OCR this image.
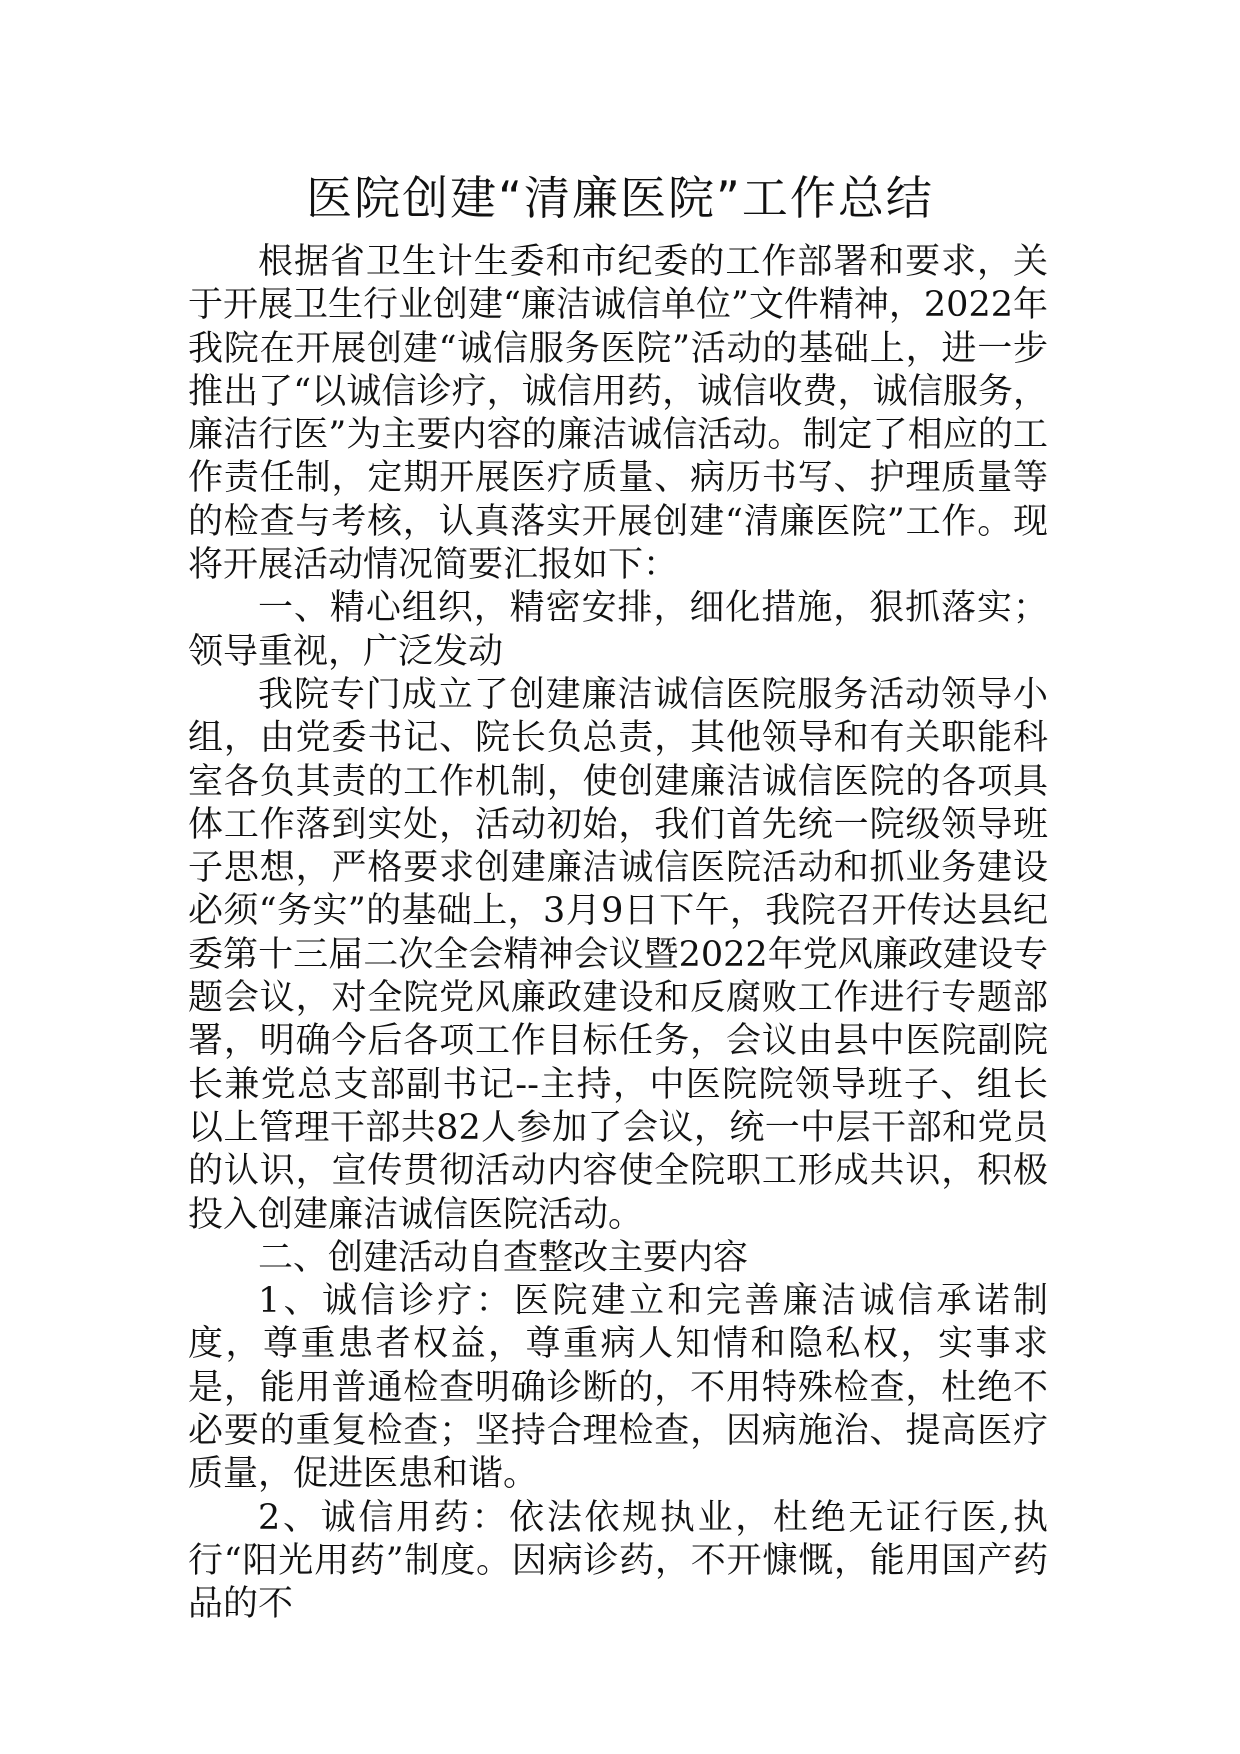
医院创建“清廉医院”工作总结

根据省卫生计生委和市纪委的工作部署和要求，关于开展卫生行业创建“廉洁诚信单位”文件精神，2022年我院在开展创建“诚信服务医院”活动的基础上，进一步推出了“以诚信诊疗，诚信用药，诚信收费，诚信服务，廉洁行医”为主要内容的廉洁诚信活动。制定了相应的工作责任制，定期开展医疗质量、病历书写、护理质量等的检查与考核，认真落实开展创建“清廉医院”工作。现将开展活动情况简要汇报如下：

一、精心组织，精密安排，细化措施，狠抓落实；领导重视，广泛发动

我院专门成立了创建廉洁诚信医院服务活动领导小组，由党委书记、院长负总责，其他领导和有关职能科室各负其责的工作机制，使创建廉洁诚信医院的各项具体工作落到实处，活动初始，我们首先统一院级领导班子思想，严格要求创建廉洁诚信医院活动和抓业务建设必须“务实”的基础上，3月9日下午，我院召开传达县纪委第十三届二次全会精神会议暨2022年党风廉政建设专题会议，对全院党风廉政建设和反腐败工作进行专题部署，明确今后各项工作目标任务，会议由县中医院副院长兼党总支部副书记--主持，中医院院领导班子、组长以上管理干部共82人参加了会议，统一中层干部和党员的认识，宣传贯彻活动内容使全院职工形成共识，积极投入创建廉洁诚信医院活动。

二、创建活动自查整改主要内容

1、诚信诊疗：医院建立和完善廉洁诚信承诺制度，尊重患者权益，尊重病人知情和隐私权，实事求是，能用普通检查明确诊断的，不用特殊检查，杜绝不必要的重复检查；坚持合理检查，因病施治、提高医疗质量，促进医患和谐。

2、诚信用药：依法依规执业，杜绝无证行医,执行“阳光用药”制度。因病诊药，不开慷慨，能用国产药品的不
